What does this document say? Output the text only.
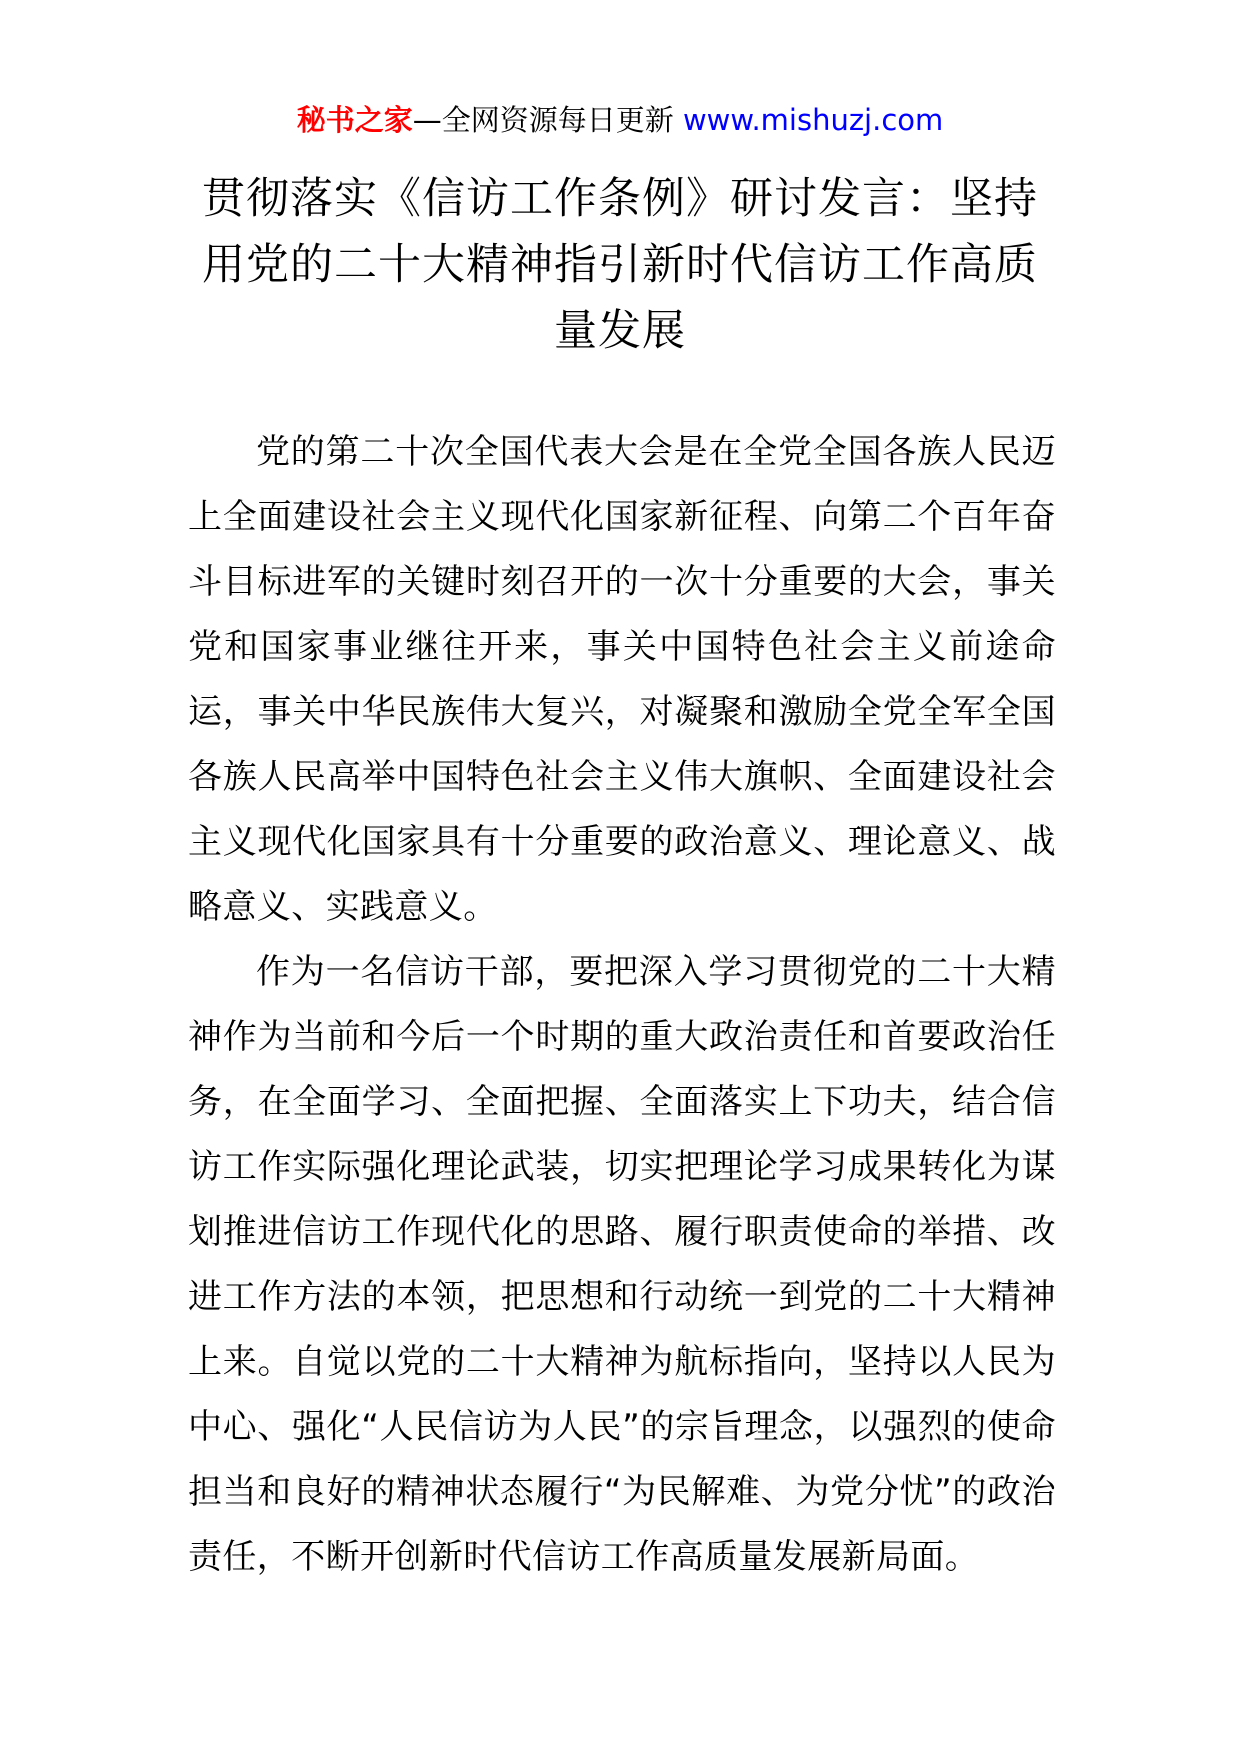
秘书之家—全网资源每日更新 www.mishuzj.com
贯彻落实《信访工作条例》研讨发言：坚持用党的二十大精神指引新时代信访工作高质量发展

党的第二十次全国代表大会是在全党全国各族人民迈上全面建设社会主义现代化国家新征程、向第二个百年奋斗目标进军的关键时刻召开的一次十分重要的大会，事关党和国家事业继往开来，事关中国特色社会主义前途命运，事关中华民族伟大复兴，对凝聚和激励全党全军全国各族人民高举中国特色社会主义伟大旗帜、全面建设社会主义现代化国家具有十分重要的政治意义、理论意义、战略意义、实践意义。

作为一名信访干部，要把深入学习贯彻党的二十大精神作为当前和今后一个时期的重大政治责任和首要政治任务，在全面学习、全面把握、全面落实上下功夫，结合信访工作实际强化理论武装，切实把理论学习成果转化为谋划推进信访工作现代化的思路、履行职责使命的举措、改进工作方法的本领，把思想和行动统一到党的二十大精神上来。自觉以党的二十大精神为航标指向，坚持以人民为中心、强化“人民信访为人民”的宗旨理念，以强烈的使命担当和良好的精神状态履行“为民解难、为党分忧”的政治责任，不断开创新时代信访工作高质量发展新局面。
